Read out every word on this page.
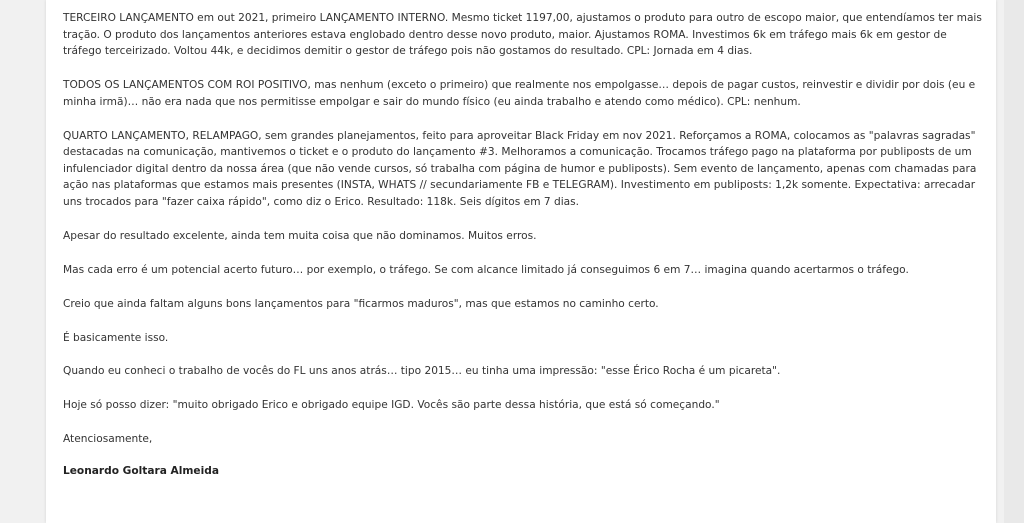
TERCEIRO LANÇAMENTO em out 2021, primeiro LANÇAMENTO INTERNO. Mesmo ticket 1197,00, ajustamos o produto para outro de escopo maior, que entendíamos ter mais tração. O produto dos lançamentos anteriores estava englobado dentro desse novo produto, maior. Ajustamos ROMA. Investimos 6k em tráfego mais 6k em gestor de tráfego terceirizado. Voltou 44k, e decidimos demitir o gestor de tráfego pois não gostamos do resultado. CPL: Jornada em 4 dias.

TODOS OS LANÇAMENTOS COM ROI POSITIVO, mas nenhum (exceto o primeiro) que realmente nos empolgasse… depois de pagar custos, reinvestir e dividir por dois (eu e minha irmã)… não era nada que nos permitisse empolgar e sair do mundo físico (eu ainda trabalho e atendo como médico). CPL: nenhum.

QUARTO LANÇAMENTO, RELAMPAGO, sem grandes planejamentos, feito para aproveitar Black Friday em nov 2021. Reforçamos a ROMA, colocamos as "palavras sagradas" destacadas na comunicação, mantivemos o ticket e o produto do lançamento #3. Melhoramos a comunicação. Trocamos tráfego pago na plataforma por publiposts de um infulenciador digital dentro da nossa área (que não vende cursos, só trabalha com página de humor e publiposts). Sem evento de lançamento, apenas com chamadas para ação nas plataformas que estamos mais presentes (INSTA, WHATS // secundariamente FB e TELEGRAM). Investimento em publiposts: 1,2k somente. Expectativa: arrecadar uns trocados para "fazer caixa rápido", como diz o Erico. Resultado: 118k. Seis dígitos em 7 dias.

Apesar do resultado excelente, ainda tem muita coisa que não dominamos. Muitos erros.

Mas cada erro é um potencial acerto futuro… por exemplo, o tráfego. Se com alcance limitado já conseguimos 6 em 7… imagina quando acertarmos o tráfego.

Creio que ainda faltam alguns bons lançamentos para "ficarmos maduros", mas que estamos no caminho certo.

É basicamente isso.

Quando eu conheci o trabalho de vocês do FL uns anos atrás… tipo 2015… eu tinha uma impressão: "esse Érico Rocha é um picareta".

Hoje só posso dizer: "muito obrigado Erico e obrigado equipe IGD. Vocês são parte dessa história, que está só começando."

Atenciosamente,

Leonardo Goltara Almeida
